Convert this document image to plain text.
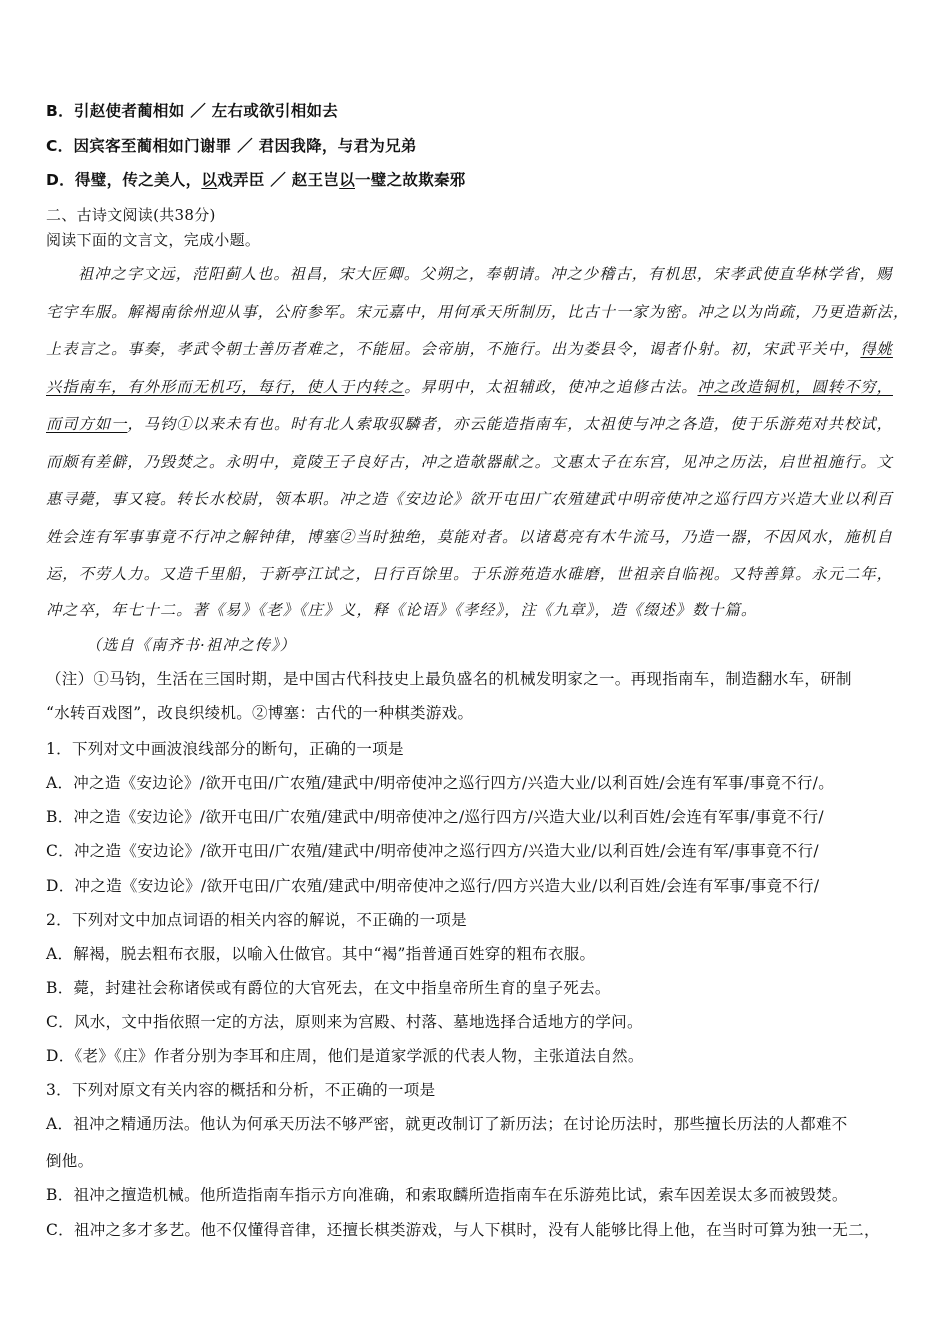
B．引赵使者蔺相如 ／ 左右或欲引相如去
C．因宾客至蔺相如门谢罪 ／ 君因我降，与君为兄弟
D．得璧，传之美人，以戏弄臣 ／ 赵王岂以一璧之故欺秦邪
二、古诗文阅读(共38分)
阅读下面的文言文，完成小题。
祖冲之字文远，范阳蓟人也。祖昌，宋大匠卿。父朔之，奉朝请。冲之少稽古，有机思，宋孝武使直华林学省，赐
宅宇车服。解褐南徐州迎从事，公府参军。宋元嘉中，用何承天所制历，比古十一家为密。冲之以为尚疏，乃更造新法，
上表言之。事奏，孝武令朝士善历者难之，不能屈。会帝崩，不施行。出为娄县令，谒者仆射。初，宋武平关中，得姚
兴指南车，有外形而无机巧，每行，使人于内转之。昇明中，太祖辅政，使冲之追修古法。冲之改造铜机，圆转不穷，
而司方如一，马钧①以来未有也。时有北人索取驭驎者，亦云能造指南车，太祖使与冲之各造，使于乐游苑对共校试，
而颇有差僻，乃毁焚之。永明中，竟陵王子良好古，冲之造欹器献之。文惠太子在东宫，见冲之历法，启世祖施行。文
惠寻薨，事又寝。转长水校尉，领本职。冲之造《安边论》欲开屯田广农殖建武中明帝使冲之巡行四方兴造大业以利百
姓会连有军事事竟不行冲之解钟律，博塞②当时独绝，莫能对者。以诸葛亮有木牛流马，乃造一器，不因风水，施机自
运，不劳人力。又造千里船，于新亭江试之，日行百馀里。于乐游苑造水碓磨，世祖亲自临视。又特善算。永元二年，
冲之卒，年七十二。著《易》《老》《庄》义，释《论语》《孝经》，注《九章》，造《缀述》数十篇。
（选自《南齐书·祖冲之传》）
（注）①马钧，生活在三国时期，是中国古代科技史上最负盛名的机械发明家之一。再现指南车，制造翻水车，研制
“水转百戏图”，改良织绫机。②博塞：古代的一种棋类游戏。
1．下列对文中画波浪线部分的断句，正确的一项是
A．冲之造《安边论》/欲开屯田/广农殖/建武中/明帝使冲之巡行四方/兴造大业/以利百姓/会连有军事/事竟不行/。
B．冲之造《安边论》/欲开屯田/广农殖/建武中/明帝使冲之/巡行四方/兴造大业/以利百姓/会连有军事/事竟不行/
C．冲之造《安边论》/欲开屯田/广农殖/建武中/明帝使冲之巡行四方/兴造大业/以利百姓/会连有军/事事竟不行/
D．冲之造《安边论》/欲开屯田/广农殖/建武中/明帝使冲之巡行/四方兴造大业/以利百姓/会连有军事/事竟不行/
2．下列对文中加点词语的相关内容的解说，不正确的一项是
A．解褐，脱去粗布衣服，以喻入仕做官。其中“褐”指普通百姓穿的粗布衣服。
B．薨，封建社会称诸侯或有爵位的大官死去，在文中指皇帝所生育的皇子死去。
C．风水，文中指依照一定的方法，原则来为宫殿、村落、墓地选择合适地方的学问。
D．《老》《庄》作者分别为李耳和庄周，他们是道家学派的代表人物，主张道法自然。
3．下列对原文有关内容的概括和分析，不正确的一项是
A．祖冲之精通历法。他认为何承天历法不够严密，就更改制订了新历法；在讨论历法时，那些擅长历法的人都难不
倒他。
B．祖冲之擅造机械。他所造指南车指示方向准确，和索取麟所造指南车在乐游苑比试，索车因差误太多而被毁焚。
C．祖冲之多才多艺。他不仅懂得音律，还擅长棋类游戏，与人下棋时，没有人能够比得上他，在当时可算为独一无二，
